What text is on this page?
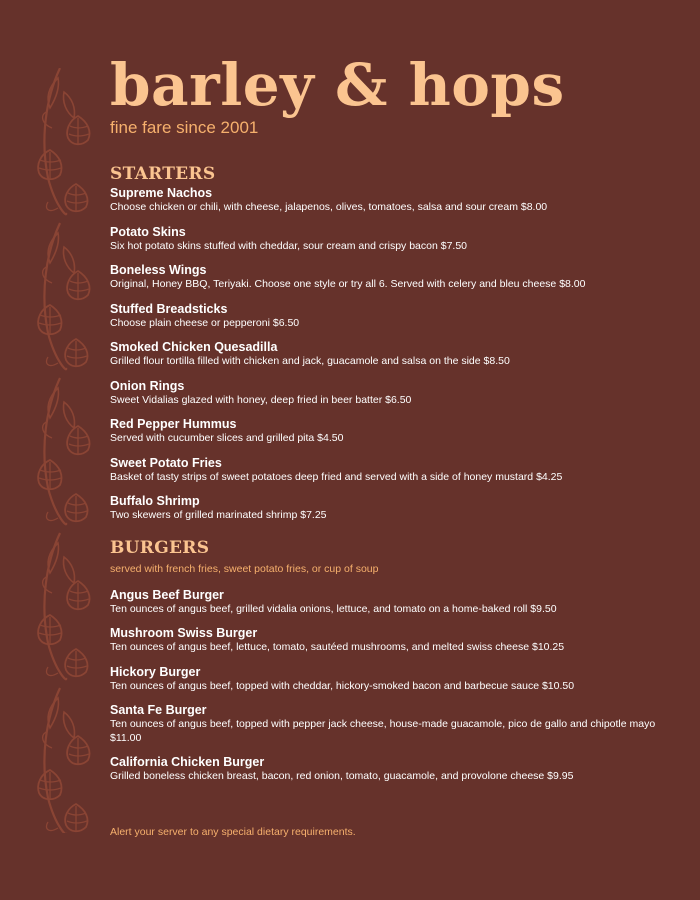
barley & hops
fine fare since 2001
STARTERS
Supreme Nachos
Choose chicken or chili, with cheese, jalapenos, olives, tomatoes, salsa and sour cream $8.00
Potato Skins
Six hot potato skins stuffed with cheddar, sour cream and crispy bacon $7.50
Boneless Wings
Original, Honey BBQ, Teriyaki. Choose one style or try all 6. Served with celery and bleu cheese $8.00
Stuffed Breadsticks
Choose plain cheese or pepperoni $6.50
Smoked Chicken Quesadilla
Grilled flour tortilla filled with chicken and jack, guacamole and salsa on the side $8.50
Onion Rings
Sweet Vidalias glazed with honey, deep fried in beer batter $6.50
Red Pepper Hummus
Served with cucumber slices and grilled pita $4.50
Sweet Potato Fries
Basket of tasty strips of sweet potatoes deep fried and served with a side of honey mustard $4.25
Buffalo Shrimp
Two skewers of grilled marinated shrimp $7.25
BURGERS
served with french fries, sweet potato fries, or cup of soup
Angus Beef Burger
Ten ounces of angus beef, grilled vidalia onions, lettuce, and tomato on a home-baked roll $9.50
Mushroom Swiss Burger
Ten ounces of angus beef, lettuce, tomato, sautéed mushrooms, and melted swiss cheese $10.25
Hickory Burger
Ten ounces of angus beef, topped with cheddar, hickory-smoked bacon and barbecue sauce $10.50
Santa Fe Burger
Ten ounces of angus beef, topped with pepper jack cheese, house-made guacamole, pico de gallo and chipotle mayo $11.00
California Chicken Burger
Grilled boneless chicken breast, bacon, red onion, tomato, guacamole, and provolone cheese $9.95
Alert your server to any special dietary requirements.
